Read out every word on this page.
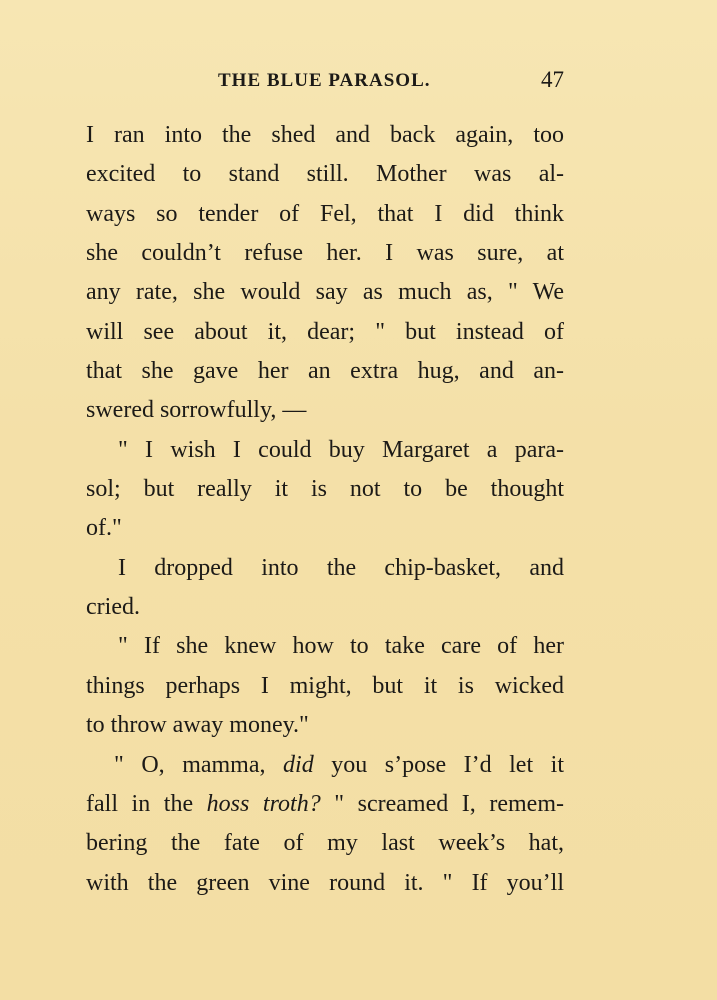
THE BLUE PARASOL.	47
I ran into the shed and back again, too
excited to stand still. Mother was al-
ways so tender of Fel, that I did think
she couldn’t refuse her. I was sure, at
any rate, she would say as much as, " We
will see about it, dear; " but instead of
that she gave her an extra hug, and an-
swered sorrowfully, —
" I wish I could buy Margaret a para-
sol; but really it is not to be thought
of."
I dropped into the chip-basket, and
cried.
" If she knew how to take care of her
things perhaps I might, but it is wicked
to throw away money."
" O, mamma, did you s’pose I’d let it
fall in the hoss troth? " screamed I, remem-
bering the fate of my last week’s hat,
with the green vine round it. " If you’ll
